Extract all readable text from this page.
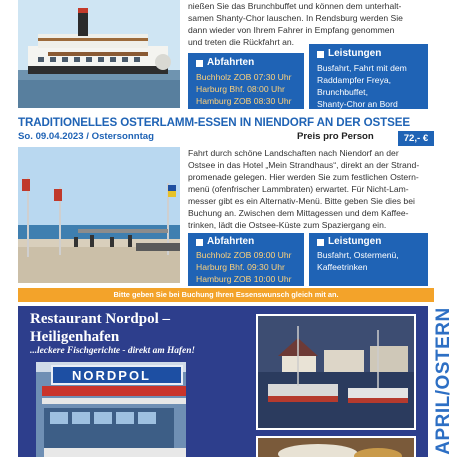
nießen Sie das Brunchbuffet und können dem unterhalt-
samen Shanty-Chor lauschen. In Rendsburg werden Sie
dann wieder von Ihrem Fahrer in Empfang genommen
und treten die Rückfahrt an.
Abfahrten
Buchholz ZOB 07:30 Uhr
Harburg Bhf. 08:00 Uhr
Hamburg ZOB 08:30 Uhr
Leistungen
Busfahrt, Fahrt mit dem
Raddampfer Freya,
Brunchbuffet,
Shanty-Chor an Bord
TRADITIONELLES OSTERLAMM-ESSEN IN NIENDORF AN DER OSTSEE
So. 09.04.2023 / Ostersonntag	Preis pro Person	72,- €
Fahrt durch schöne Landschaften nach Niendorf an der
Ostsee in das Hotel „Mein Strandhaus“, direkt an der Strand-
promenade gelegen. Hier werden Sie zum festlichen Ostern-
menü (ofenfrischer Lammbraten) erwartet. Für Nicht-Lam-
messer gibt es ein Alternativ-Menü. Bitte geben Sie dies bei
Buchung an. Zwischen dem Mittagessen und dem Kaffee-
trinken, lädt die Ostsee-Küste zum Spaziergang ein.
Abfahrten
Buchholz ZOB 09:00 Uhr
Harburg Bhf. 09:30 Uhr
Hamburg ZOB 10:00 Uhr
Leistungen
Busfahrt, Ostermenü,
Kaffeetrinken
Bitte geben Sie bei Buchung Ihren Essenswunsch gleich mit an.
Restaurant Nordpol –
Heiligenhafen
...leckere Fischgerichte - direkt am Hafen!
NORDPOL	APRIL/OSTERN
